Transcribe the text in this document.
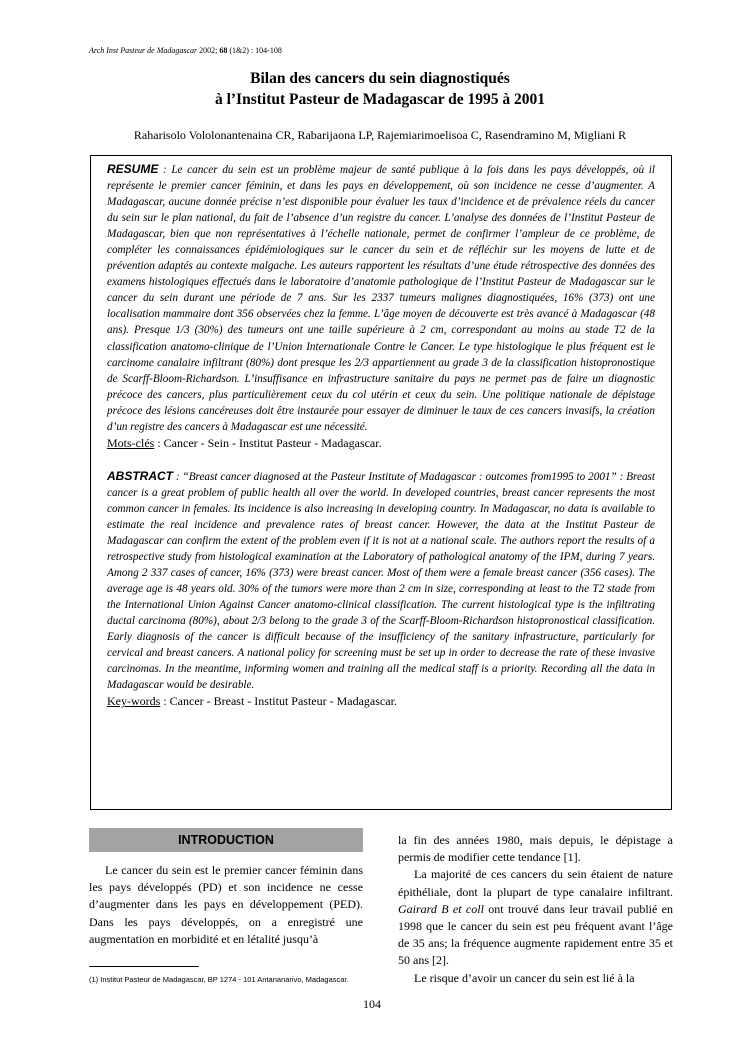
Arch Inst Pasteur de Madagascar 2002; 68 (1&2) : 104-108
Bilan des cancers du sein diagnostiqués
à l’Institut Pasteur de Madagascar de 1995 à 2001
Raharisolo Vololonantenaina CR, Rabarijaona LP, Rajemiarimoelisoa C, Rasendramino M, Migliani R

RESUME : Le cancer du sein est un problème majeur de santé publique à la fois dans les pays développés, où il représente le premier cancer féminin, et dans les pays en développement, où son incidence ne cesse d’augmenter. A Madagascar, aucune donnée précise n’est disponible pour évaluer les taux d’incidence et de prévalence réels du cancer du sein sur le plan national, du fait de l’absence d’un registre du cancer. L’analyse des données de l’Institut Pasteur de Madagascar, bien que non représentatives à l’échelle nationale, permet de confirmer l’ampleur de ce problème, de compléter les connaissances épidémiologiques sur le cancer du sein et de réfléchir sur les moyens de lutte et de prévention adaptés au contexte malgache. Les auteurs rapportent les résultats d’une étude rétrospective des données des examens histologiques effectués dans le laboratoire d’anatomie pathologique de l’Institut Pasteur de Madagascar sur le cancer du sein durant une période de 7 ans. Sur les 2337 tumeurs malignes diagnostiquées, 16% (373) ont une localisation mammaire dont 356 observées chez la femme. L’âge moyen de découverte est très avancé à Madagascar (48 ans). Presque 1/3 (30%) des tumeurs ont une taille supérieure à 2 cm, correspondant au moins au stade T2 de la classification anatomo-clinique de l’Union Internationale Contre le Cancer. Le type histologique le plus fréquent est le carcinome canalaire infiltrant (80%) dont presque les 2/3 appartiennent au grade 3 de la classification histopronostique de Scarff-Bloom-Richardson. L’insuffisance en infrastructure sanitaire du pays ne permet pas de faire un diagnostic précoce des cancers, plus particulièrement ceux du col utérin et ceux du sein. Une politique nationale de dépistage précoce des lésions cancéreuses doit être instaurée pour essayer de diminuer le taux de ces cancers invasifs, la création d’un registre des cancers à Madagascar est une nécessité.

Mots-clés : Cancer - Sein - Institut Pasteur - Madagascar.

ABSTRACT : “Breast cancer diagnosed at the Pasteur Institute of Madagascar : outcomes from1995 to 2001” : Breast cancer is a great problem of public health all over the world. In developed countries, breast cancer represents the most common cancer in females. Its incidence is also increasing in developing country. In Madagascar, no data is available to estimate the real incidence and prevalence rates of breast cancer. However, the data at the Institut Pasteur de Madagascar can confirm the extent of the problem even if it is not at a national scale. The authors report the results of a retrospective study from histological examination at the Laboratory of pathological anatomy of the IPM, during 7 years. Among 2 337 cases of cancer, 16% (373) were breast cancer. Most of them were a female breast cancer (356 cases). The average age is 48 years old. 30% of the tumors were more than 2 cm in size, corresponding at least to the T2 stade from the International Union Against Cancer anatomo-clinical classification. The current histological type is the infiltrating ductal carcinoma (80%), about 2/3 belong to the grade 3 of the Scarff-Bloom-Richardson histopronostical classification. Early diagnosis of the cancer is difficult because of the insufficiency of the sanitary infrastructure, particularly for cervical and breast cancers. A national policy for screening must be set up in order to decrease the rate of these invasive carcinomas. In the meantime, informing women and training all the medical staff is a priority. Recording all the data in Madagascar would be desirable.

Key-words : Cancer - Breast - Institut Pasteur - Madagascar.

INTRODUCTION

Le cancer du sein est le premier cancer féminin dans les pays développés (PD) et son incidence ne cesse d’augmenter dans les pays en développement (PED). Dans les pays développés, on a enregistré une augmentation en morbidité et en létalité jusqu’à

la fin des années 1980, mais depuis, le dépistage a permis de modifier cette tendance [1].

La majorité de ces cancers du sein étaient de nature épithéliale, dont la plupart de type canalaire infiltrant. Gairard B et coll ont trouvé dans leur travail publié en 1998 que le cancer du sein est peu fréquent avant l’âge de 35 ans; la fréquence augmente rapidement entre 35 et 50 ans [2].

Le risque d’avoir un cancer du sein est lié à la

(1) Institut Pasteur de Madagascar, BP 1274 - 101 Antananarivo, Madagascar.
104
